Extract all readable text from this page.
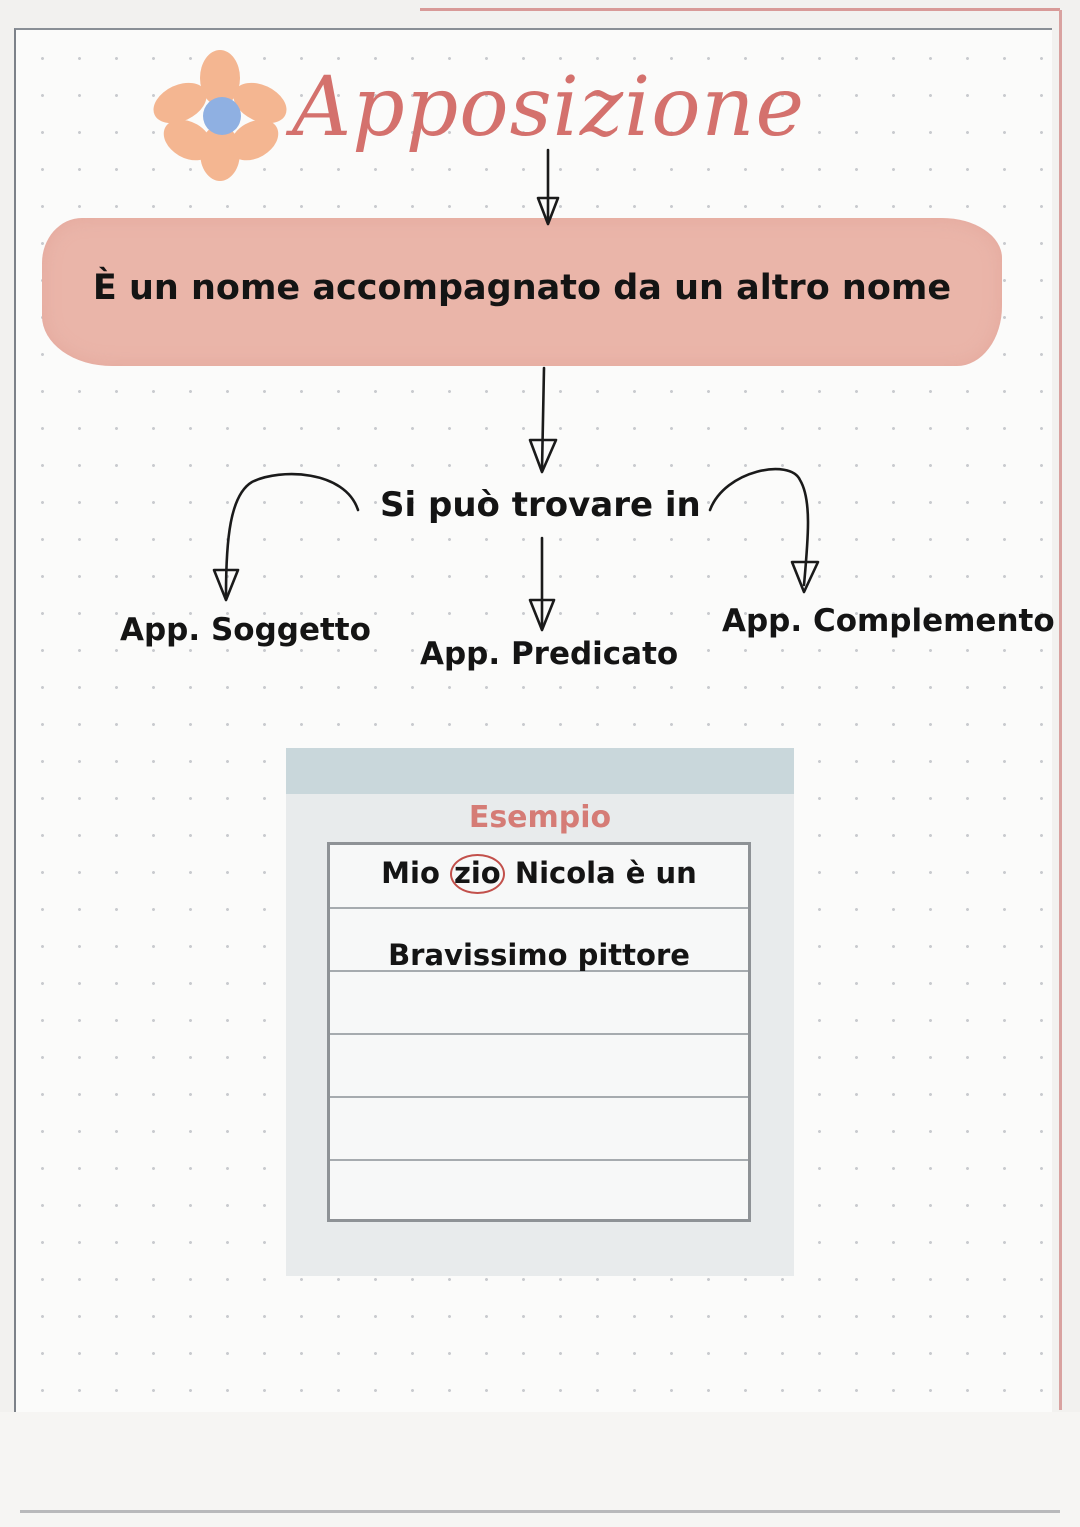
Apposizione
È un nome accompagnato da un altro nome
Si può trovare in
App. Soggetto
App. Predicato
App. Complemento
Esempio
Mio zio Nicola è un
Bravissimo pittore
